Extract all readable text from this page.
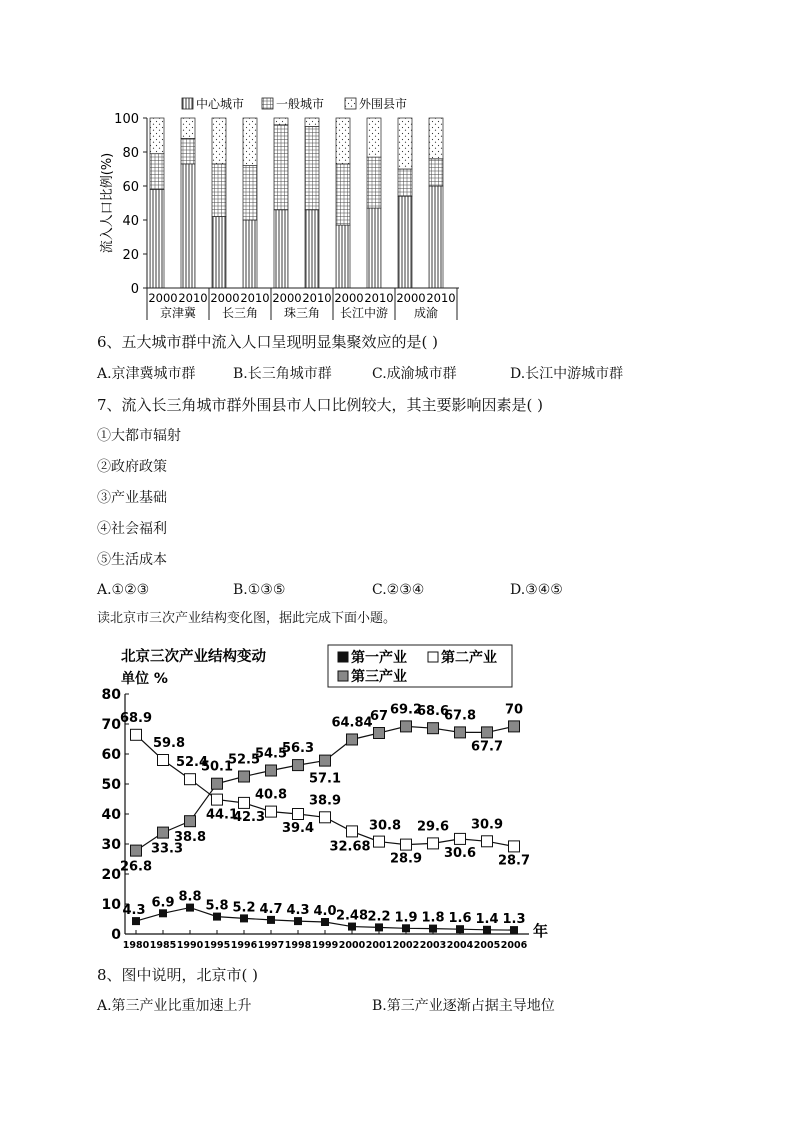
中心城市	一般城市	外围县市
0
20
40
60
80
100
流入人口比例(%)
2000 2010
京津冀
2000 2010
长三角
2000 2010
珠三角
2000 2010
长江中游
2000 2010
成渝
6、五大城市群中流入人口呈现明显集聚效应的是( )
A.京津冀城市群	B.长三角城市群	C.成渝城市群	D.长江中游城市群
7、流入长三角城市群外围县市人口比例较大，其主要影响因素是( )
①大都市辐射
②政府政策
③产业基础
④社会福利
⑤生活成本
A.①②③	B.①③⑤	C.②③④	D.③④⑤
读北京市三次产业结构变化图，据此完成下面小题。
北京三次产业结构变动
单位 %
第一产业 第二产业
第三产业
0
10
20
30
40
50
60
70
80
1980 1985 1990 1995 1996 1997 1998 1999 2000 2001 2002 2003 2004 2005 2006
年
4.3
6.9 8.8
5.8 5.2 4.7 4.3 4.0 2.48 2.2 1.9 1.8 1.6 1.4 1.3
68.9
59.8
52.4
44.1
42.3
40.8
39.4
38.9
32.68
30.8
28.9
29.6
30.6
30.9
28.7
26.8
33.3
38.8
50.1
52.5
54.5
56.3
57.1
64.84
67 69.2
68.6
67.8
67.7
70
8、图中说明，北京市( )
A.第三产业比重加速上升	B.第三产业逐渐占据主导地位
